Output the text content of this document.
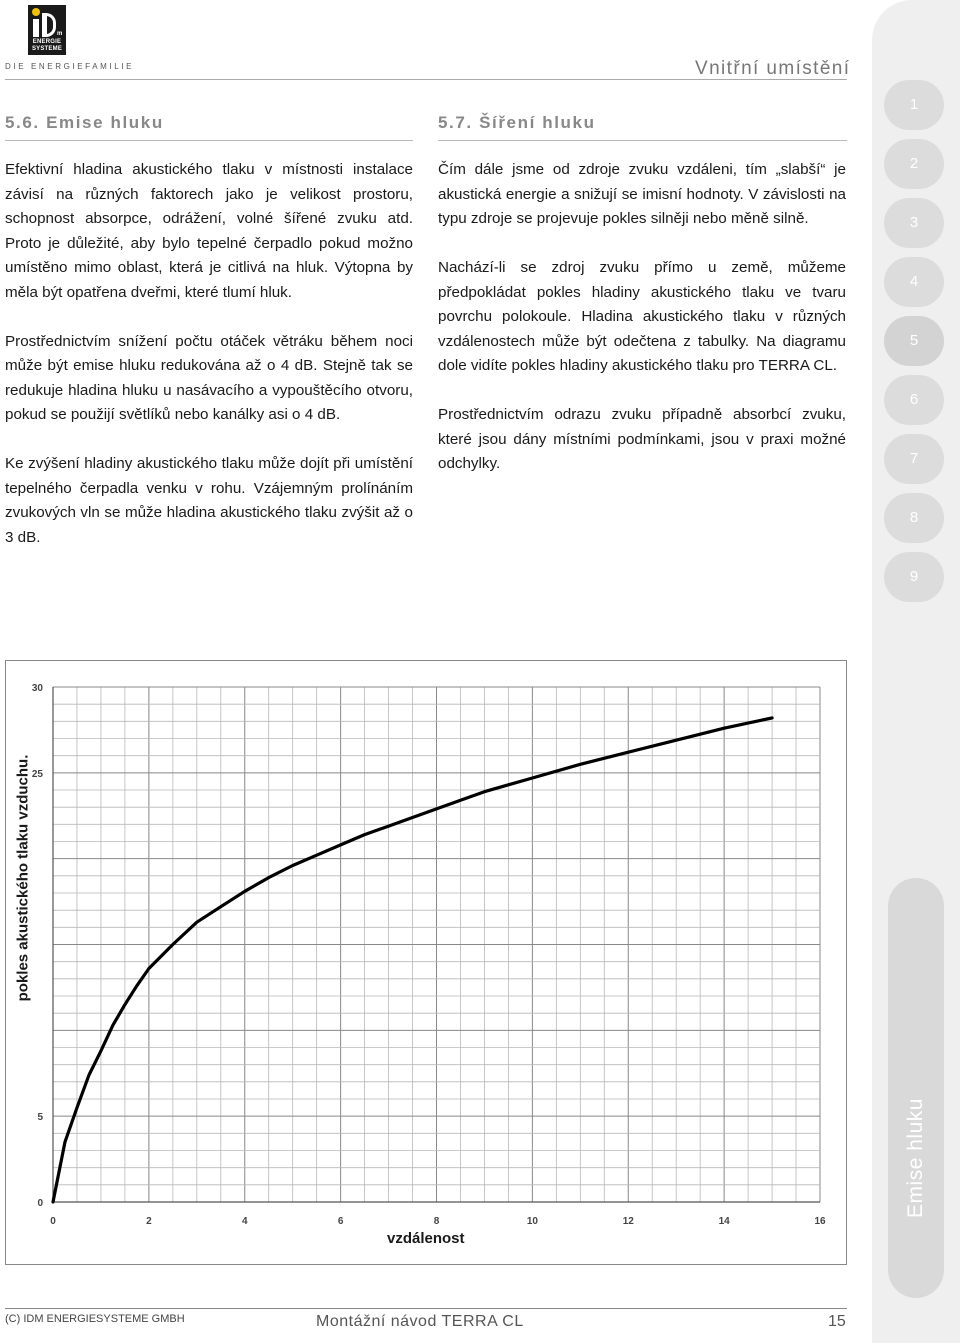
m
ENERGIE SYSTEME
DIE ENERGIEFAMILIE	Vnitřní umístění
5.6. Emise hluku	5.7. Šíření hluku

Efektivní hladina akustického tlaku v místnosti instalace závisí na různých faktorech jako je velikost prostoru, schopnost absorpce, odrážení, volné šířené zvuku atd. Proto je důležité, aby bylo tepelné čerpadlo pokud možno umístěno mimo oblast, která je citlivá na hluk. Výtopna by měla být opatřena dveřmi, které tlumí hluk.

Prostřednictvím snížení počtu otáček větráku během noci může být emise hluku redukována až o 4 dB. Stejně tak se redukuje hladina hluku u nasávacího a vypouštěcího otvoru, pokud se použijí světlíků nebo kanálky asi o 4 dB.

Ke zvýšení hladiny akustického tlaku může dojít při umístění tepelného čerpadla venku v rohu. Vzájemným prolínáním zvukových vln se může hladina akustického tlaku zvýšit až o 3 dB.

Čím dále jsme od zdroje zvuku vzdáleni, tím „slabší“ je akustická energie a snižují se imisní hodnoty. V závislosti na typu zdroje se projevuje pokles silněji nebo měně silně.

Nachází-li se zdroj zvuku přímo u země, můžeme předpokládat pokles hladiny akustického tlaku ve tvaru povrchu polokoule. Hladina akustického tlaku v různých vzdálenostech může být odečtena z tabulky. Na diagramu dole vidíte pokles hladiny akustického tlaku pro TERRA CL.

Prostřednictvím odrazu zvuku případně absorbcí zvuku, které jsou dány místními podmínkami, jsou v praxi možné odchylky.

1
2
3
4
5
6
7
8
9
Emise hluku
0	2	4	6	8	10	12	14	16
0
5
25
30
pokles akustického tlaku vzduchu.
vzdálenost
(C) IDM ENERGIESYSTEME GMBH	Montážní návod TERRA CL	15
